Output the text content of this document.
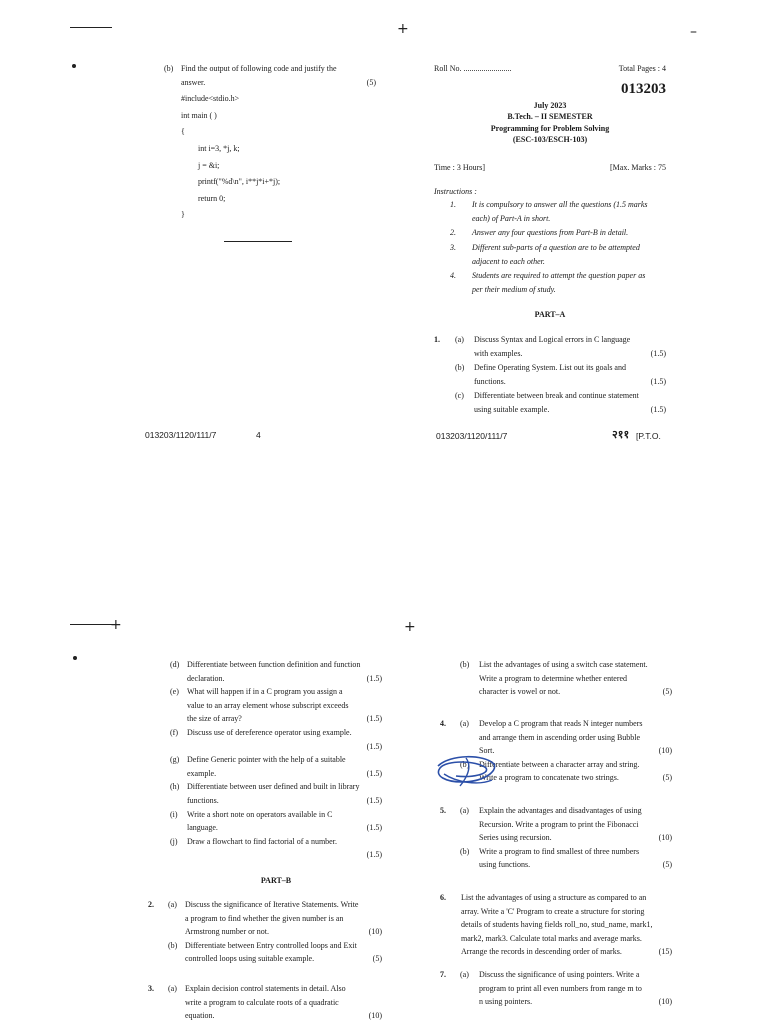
+	–
(b) Find the output of following code and justify the
answer.	(5)
#include<stdio.h>
int main ( )
{
int i=3, *j, k;
j = &i;
printf("%d\n", i**j*i+*j);
return 0;
}
013203/1120/111/7	4
Roll No. ........................	Total Pages : 4
013203
July 2023
B.Tech. – II SEMESTER
Programming for Problem Solving
(ESC-103/ESCH-103)
Time : 3 Hours]	[Max. Marks : 75
Instructions :
1. It is compulsory to answer all the questions (1.5 marks
each) of Part-A in short.
2. Answer any four questions from Part-B in detail.
3. Different sub-parts of a question are to be attempted
adjacent to each other.
4. Students are required to attempt the question paper as
per their medium of study.
PART–A
1. (a) Discuss Syntax and Logical errors in C language
with examples.	(1.5)
(b) Define Operating System. List out its goals and
functions.	(1.5)
(c) Differentiate between break and continue statement
using suitable example.	(1.5)
013203/1120/111/7	२११ [P.T.O.
+	+
(d) Differentiate between function definition and function
declaration.	(1.5)
(e) What will happen if in a C program you assign a
value to an array element whose subscript exceeds
the size of array?	(1.5)
(f) Discuss use of dereference operator using example.

(1.5)
(g) Define Generic pointer with the help of a suitable
example.	(1.5)
(h) Differentiate between user defined and built in library
functions.	(1.5)
(i) Write a short note on operators available in C
language.	(1.5)
(j) Draw a flowchart to find factorial of a number.

(1.5)
PART–B
2. (a) Discuss the significance of Iterative Statements. Write
a program to find whether the given number is an
Armstrong number or not.	(10)
(b) Differentiate between Entry controlled loops and Exit
controlled loops using suitable example.	(5)
3. (a) Explain decision control statements in detail. Also
write a program to calculate roots of a quadratic
equation.	(10)
(b) List the advantages of using a switch case statement.
Write a program to determine whether entered
character is vowel or not.	(5)
4. (a) Develop a C program that reads N integer numbers
and arrange them in ascending order using Bubble
Sort.	(10)
(b) Differentiate between a character array and string.
Write a program to concatenate two strings.	(5)
5. (a) Explain the advantages and disadvantages of using
Recursion. Write a program to print the Fibonacci
Series using recursion.	(10)
(b) Write a program to find smallest of three numbers
using functions.	(5)
6. List the advantages of using a structure as compared to an
array. Write a 'C' Program to create a structure for storing
details of students having fields roll_no, stud_name, mark1,
mark2, mark3. Calculate total marks and average marks.
Arrange the records in descending order of marks.	(15)
7. (a) Discuss the significance of using pointers. Write a
program to print all even numbers from range m to
n using pointers.	(10)
